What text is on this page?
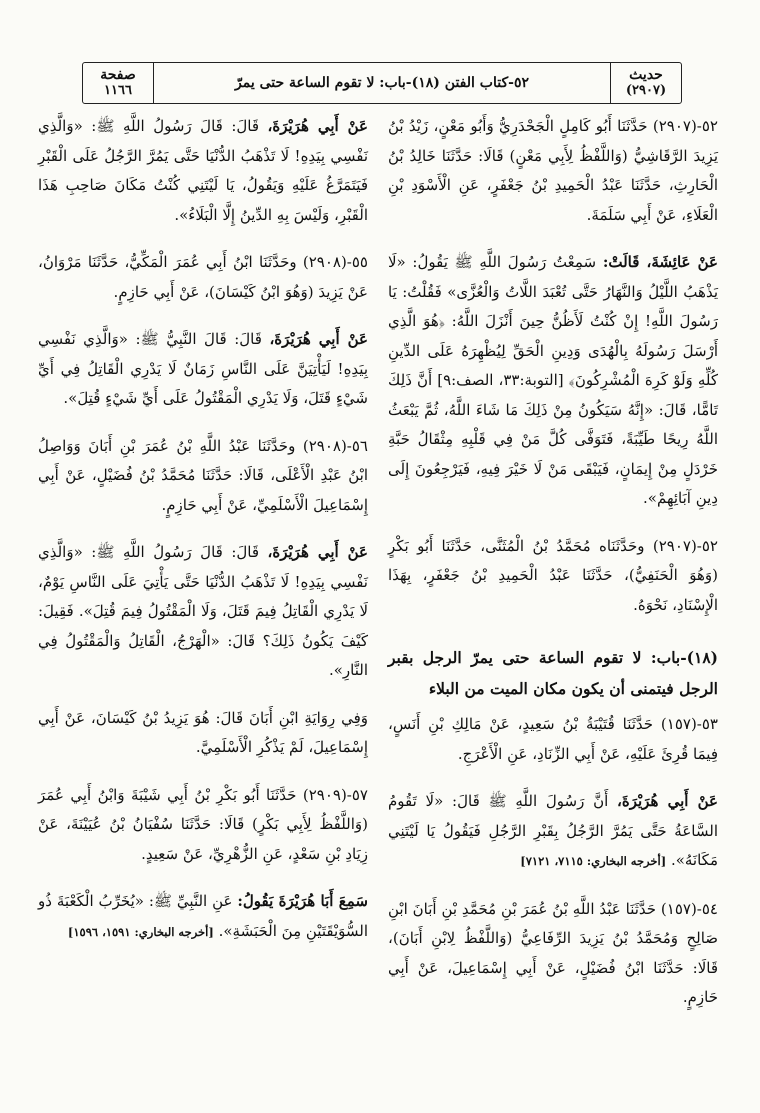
حديث
(٢٩٠٧)
٥٢-كتاب الفتن (١٨)-باب: لا تقوم الساعة حتى يمرّ
صفحة
١١٦٦

٥٢-(٢٩٠٧) حَدَّثَنَا أَبُو كَامِلٍ الْجَحْدَرِيُّ وَأَبُو مَعْنٍ، زَيْدُ بْنُ يَزِيدَ الرَّقَاشِيُّ (وَاللَّفْظُ لِأَبِي مَعْنٍ) قَالَا: حَدَّثَنَا خَالِدُ بْنُ الْحَارِثِ، حَدَّثَنَا عَبْدُ الْحَمِيدِ بْنُ جَعْفَرٍ، عَنِ الْأَسْوَدِ بْنِ الْعَلَاءِ، عَنْ أَبِي سَلَمَةَ.

عَنْ عَائِشَةَ، قَالَتْ: سَمِعْتُ رَسُولَ اللَّهِ ﷺ يَقُولُ: «لَا يَذْهَبُ اللَّيْلُ وَالنَّهَارُ حَتَّى تُعْبَدَ اللَّاتُ وَالْعُزَّى» فَقُلْتُ: يَا رَسُولَ اللَّهِ! إِنْ كُنْتُ لَأَظُنُّ حِينَ أَنْزَلَ اللَّهُ: ﴿هُوَ الَّذِي أَرْسَلَ رَسُولَهُ بِالْهُدَى وَدِينِ الْحَقِّ لِيُظْهِرَهُ عَلَى الدِّينِ كُلِّهِ وَلَوْ كَرِهَ الْمُشْرِكُونَ﴾ [التوبة:٣٣، الصف:٩] أَنَّ ذَلِكَ تَامًّا، قَالَ: «إِنَّهُ سَيَكُونُ مِنْ ذَلِكَ مَا شَاءَ اللَّهُ، ثُمَّ يَبْعَثُ اللَّهُ رِيحًا طَيِّبَةً، فَتَوَفَّى كُلَّ مَنْ فِي قَلْبِهِ مِثْقَالُ حَبَّةِ خَرْدَلٍ مِنْ إِيمَانٍ، فَيَبْقَى مَنْ لَا خَيْرَ فِيهِ، فَيَرْجِعُونَ إِلَى دِينِ آبَائِهِمْ».

٥٢-(٢٩٠٧) وحَدَّثَنَاه مُحَمَّدُ بْنُ الْمُثَنَّى، حَدَّثَنَا أَبُو بَكْرٍ (وَهُوَ الْحَنَفِيُّ)، حَدَّثَنَا عَبْدُ الْحَمِيدِ بْنُ جَعْفَرٍ، بِهَذَا الْإِسْنَادِ، نَحْوَهُ.

(١٨)-باب: لا تقوم الساعة حتى يمرّ الرجل بقبر الرجل فيتمنى أن يكون مكان الميت من البلاء

٥٣-(١٥٧) حَدَّثَنَا قُتَيْبَةُ بْنُ سَعِيدٍ، عَنْ مَالِكِ بْنِ أَنَسٍ، فِيمَا قُرِئَ عَلَيْهِ، عَنْ أَبِي الزِّنَادِ، عَنِ الْأَعْرَجِ.

عَنْ أَبِي هُرَيْرَةَ، أَنَّ رَسُولَ اللَّهِ ﷺ قَالَ: «لَا تَقُومُ السَّاعَةُ حَتَّى يَمُرَّ الرَّجُلُ بِقَبْرِ الرَّجُلِ فَيَقُولُ يَا لَيْتَنِي مَكَانَهُ». [أخرجه البخاري: ٧١١٥، ٧١٢١]

٥٤-(١٥٧) حَدَّثَنَا عَبْدُ اللَّهِ بْنُ عُمَرَ بْنِ مُحَمَّدِ بْنِ أَبَانَ ابْنِ صَالِحٍ وَمُحَمَّدُ بْنُ يَزِيدَ الرِّفَاعِيُّ (وَاللَّفْظُ لِابْنِ أَبَانَ)، قَالَا: حَدَّثَنَا ابْنُ فُضَيْلٍ، عَنْ أَبِي إِسْمَاعِيلَ، عَنْ أَبِي حَازِمٍ.

عَنْ أَبِي هُرَيْرَةَ، قَالَ: قَالَ رَسُولُ اللَّهِ ﷺ: «وَالَّذِي نَفْسِي بِيَدِهِ! لَا تَذْهَبُ الدُّنْيَا حَتَّى يَمُرَّ الرَّجُلُ عَلَى الْقَبْرِ فَيَتَمَرَّغُ عَلَيْهِ وَيَقُولُ، يَا لَيْتَنِي كُنْتُ مَكَانَ صَاحِبِ هَذَا الْقَبْرِ، وَلَيْسَ بِهِ الدِّينُ إِلَّا الْبَلَاءُ».

٥٥-(٢٩٠٨) وحَدَّثَنَا ابْنُ أَبِي عُمَرَ الْمَكِّيُّ، حَدَّثَنَا مَرْوَانُ، عَنْ يَزِيدَ (وَهُوَ ابْنُ كَيْسَانَ)، عَنْ أَبِي حَازِمٍ.

عَنْ أَبِي هُرَيْرَةَ، قَالَ: قَالَ النَّبِيُّ ﷺ: «وَالَّذِي نَفْسِي بِيَدِهِ! لَيَأْتِيَنَّ عَلَى النَّاسِ زَمَانٌ لَا يَدْرِي الْقَاتِلُ فِي أَيِّ شَيْءٍ قَتَلَ، وَلَا يَدْرِي الْمَقْتُولُ عَلَى أَيِّ شَيْءٍ قُتِلَ».

٥٦-(٢٩٠٨) وحَدَّثَنَا عَبْدُ اللَّهِ بْنُ عُمَرَ بْنِ أَبَانَ وَوَاصِلُ ابْنُ عَبْدِ الْأَعْلَى، قَالَا: حَدَّثَنَا مُحَمَّدُ بْنُ فُضَيْلٍ، عَنْ أَبِي إِسْمَاعِيلَ الْأَسْلَمِيِّ، عَنْ أَبِي حَازِمٍ.

عَنْ أَبِي هُرَيْرَةَ، قَالَ: قَالَ رَسُولُ اللَّهِ ﷺ: «وَالَّذِي نَفْسِي بِيَدِهِ! لَا تَذْهَبُ الدُّنْيَا حَتَّى يَأْتِيَ عَلَى النَّاسِ يَوْمٌ، لَا يَدْرِي الْقَاتِلُ فِيمَ قَتَلَ، وَلَا الْمَقْتُولُ فِيمَ قُتِلَ». فَقِيلَ: كَيْفَ يَكُونُ ذَلِكَ؟ قَالَ: «الْهَرْجُ، الْقَاتِلُ وَالْمَقْتُولُ فِي النَّارِ».

وَفِي رِوَايَةِ ابْنِ أَبَانَ قَالَ: هُوَ يَزِيدُ بْنُ كَيْسَانَ، عَنْ أَبِي إِسْمَاعِيلَ، لَمْ يَذْكُرِ الْأَسْلَمِيَّ.

٥٧-(٢٩٠٩) حَدَّثَنَا أَبُو بَكْرِ بْنُ أَبِي شَيْبَةَ وَابْنُ أَبِي عُمَرَ (وَاللَّفْظُ لِأَبِي بَكْرٍ) قَالَا: حَدَّثَنَا سُفْيَانُ بْنُ عُيَيْنَةَ، عَنْ زِيَادِ بْنِ سَعْدٍ، عَنِ الزُّهْرِيِّ، عَنْ سَعِيدٍ.

سَمِعَ أَبَا هُرَيْرَةَ يَقُولُ: عَنِ النَّبِيِّ ﷺ: «يُخَرِّبُ الْكَعْبَةَ ذُو السُّوَيْقَتَيْنِ مِنَ الْحَبَشَةِ». [أخرجه البخاري: ١٥٩١، ١٥٩٦]
